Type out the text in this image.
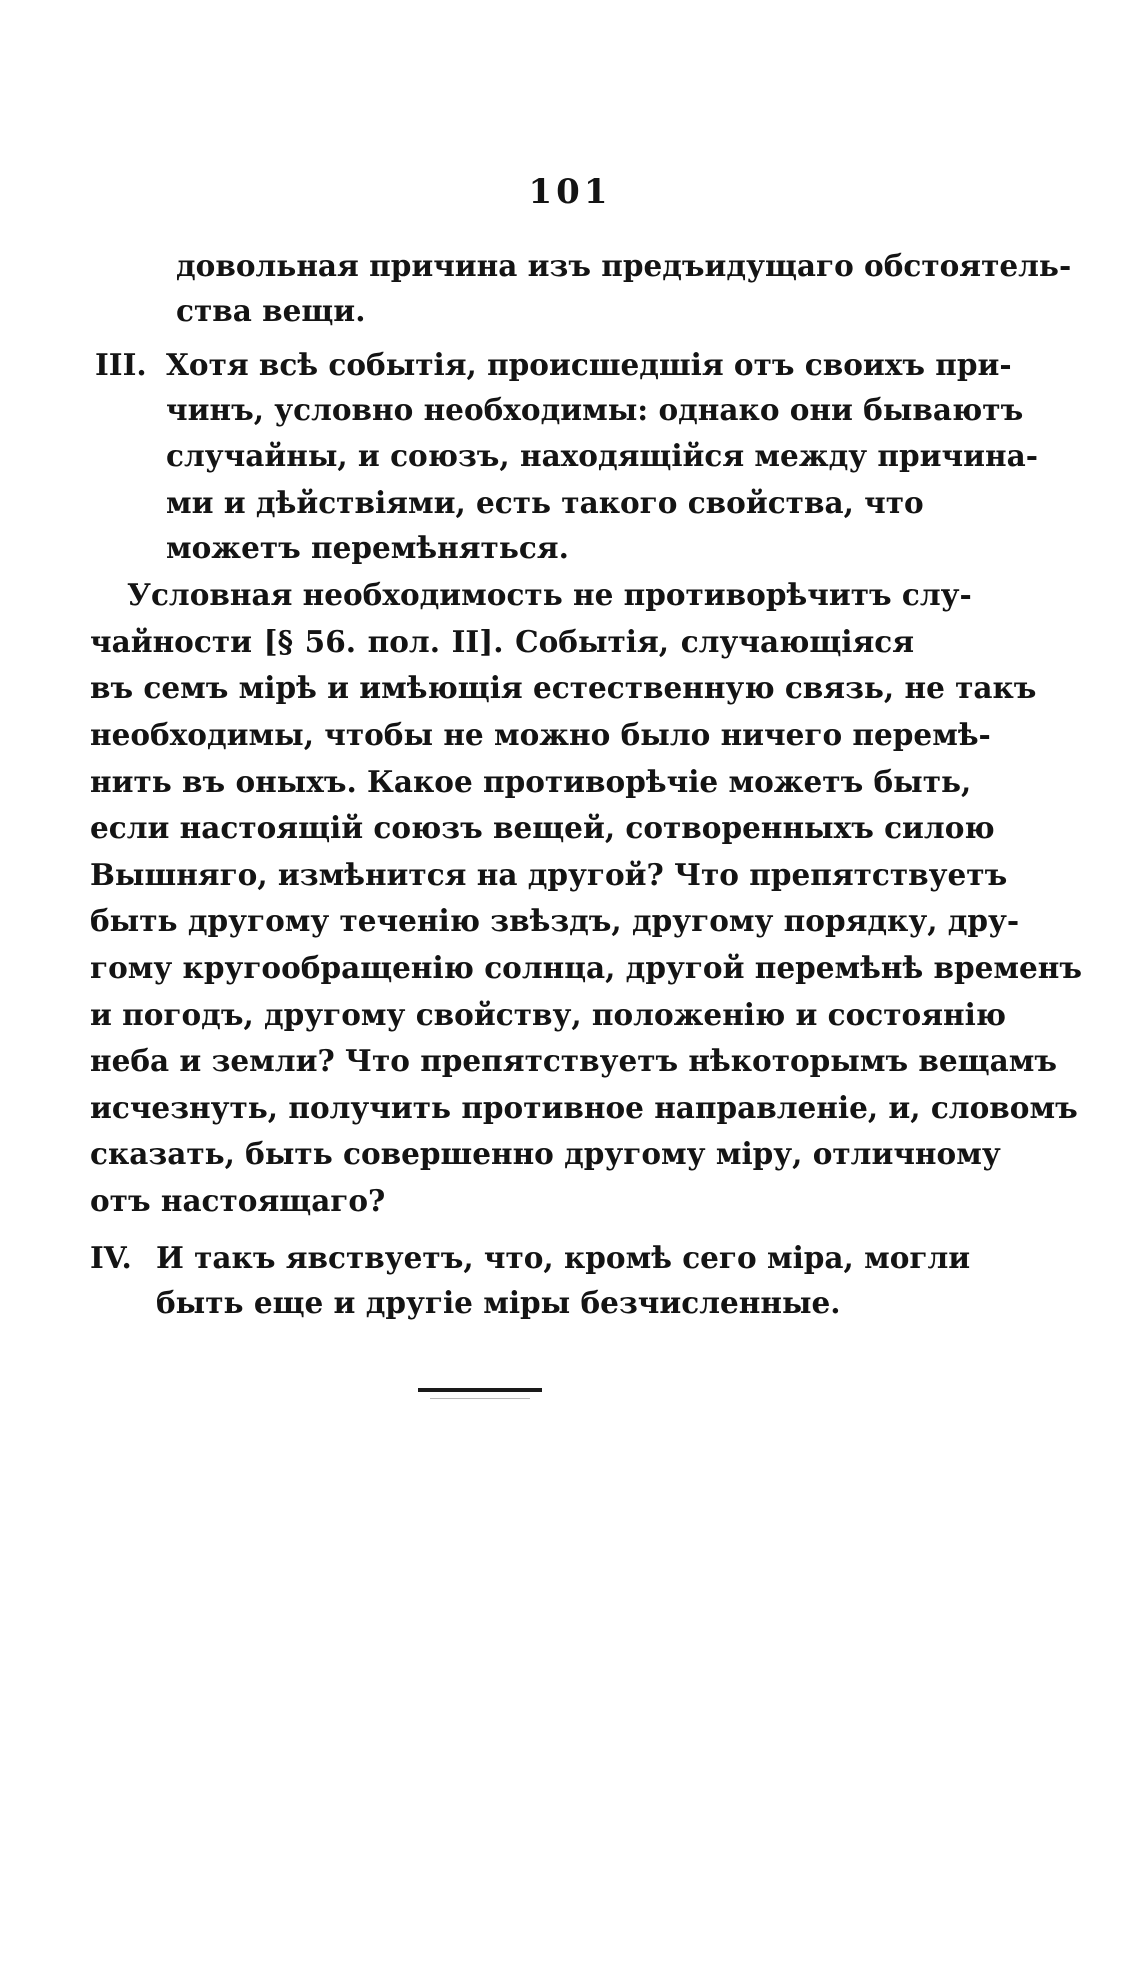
101
довольная причина изъ предъидущаго обстоятель-
ства вещи.
III. Хотя всѣ событія, происшедшія отъ своихъ при-
чинъ, условно необходимы: однако они бываютъ
случайны, и союзъ, находящійся между причина-
ми и дѣйствіями, есть такого свойства, что
можетъ перемѣняться.
Условная необходимость не противорѣчитъ слу-
чайности [§ 56. пол. II]. Событія, случающіяся
въ семъ мірѣ и имѣющія естественную связь, не такъ
необходимы, чтобы не можно было ничего перемѣ-
нить въ оныхъ. Какое противорѣчіе можетъ быть,
если настоящій союзъ вещей, сотворенныхъ силою
Вышняго, измѣнится на другой? Что препятствуетъ
быть другому теченію звѣздъ, другому порядку, дру-
гому кругообращенію солнца, другой перемѣнѣ временъ
и погодъ, другому свойству, положенію и состоянію
неба и земли? Что препятствуетъ нѣкоторымъ вещамъ
исчезнуть, получить противное направленіе, и, словомъ
сказать, быть совершенно другому міру, отличному
отъ настоящаго?
IV. И такъ явствуетъ, что, кромѣ сего міра, могли
быть еще и другіе міры безчисленные.
